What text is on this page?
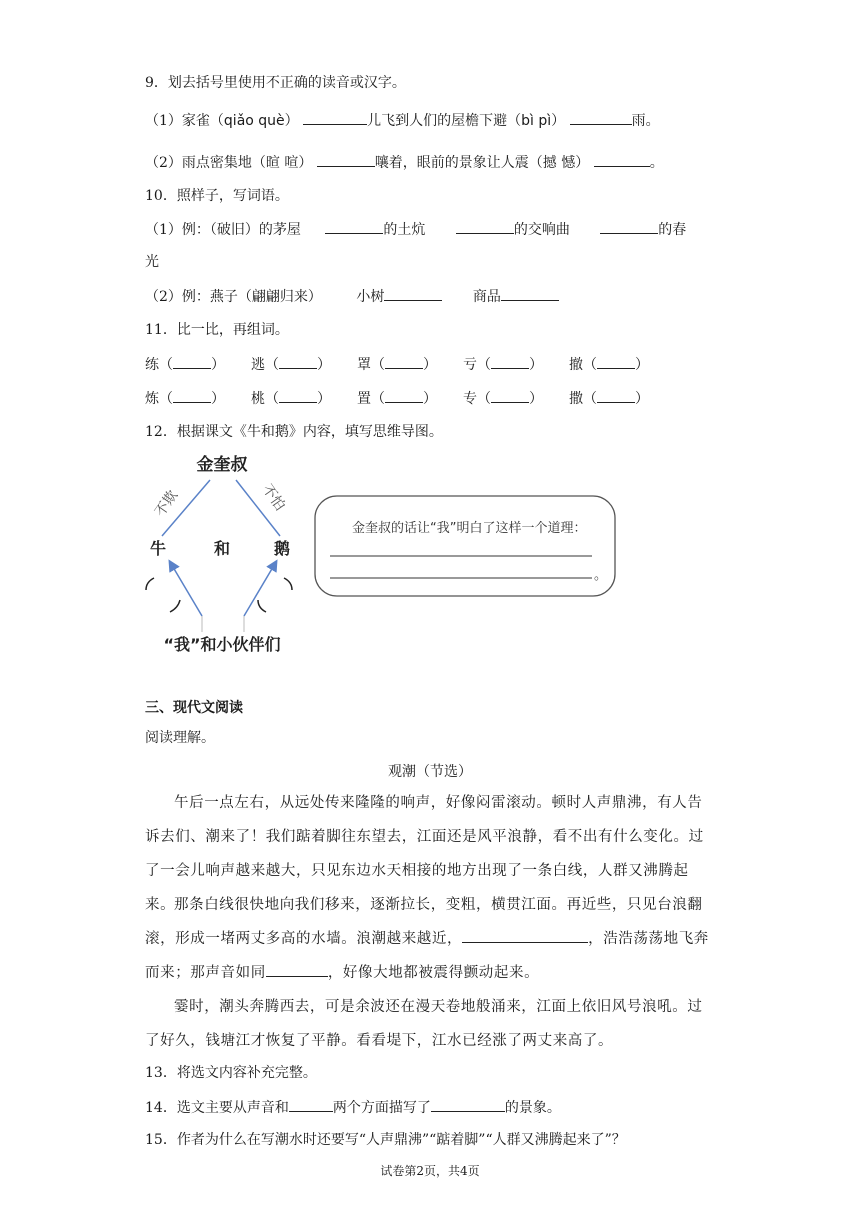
9．划去括号里使用不正确的读音或汉字。
（1）家雀（qiǎo què）	儿飞到人们的屋檐下避（bì pì）	雨。
（2）雨点密集地（暄 喧）	嚷着，眼前的景象让人震（撼 憾）	。
10．照样子，写词语。
（1）例：（破旧）的茅屋	的土炕	的交响曲	的春
光
（2）例：燕子（翩翩归来） 小树	商品
11．比一比，再组词。
练（	） 逃（	） 罩（	） 亏（	） 撤（	）
炼（	） 桃（	） 置（	） 专（	） 撒（	）
12．根据课文《牛和鹅》内容，填写思维导图。
金奎叔
不欺	不怕
牛	和	鹅
“我”和小伙伴们
金奎叔的话让“我”明白了这样一个道理：
。
三、现代文阅读
阅读理解。
观潮（节选）
午后一点左右，从远处传来隆隆的响声，好像闷雷滚动。顿时人声鼎沸，有人告诉去们、潮来了！我们踮着脚往东望去，江面还是风平浪静，看不出有什么变化。过了一会儿响声越来越大，只见东边水天相接的地方出现了一条白线，人群又沸腾起来。
那条白线很快地向我们移来，逐渐拉长，变粗，横贯江面。再近些，只见台浪翻滚，形成一堵两丈多高的水墙。浪潮越来越近，	，浩浩荡荡地飞奔而来；那声音如同	，好像大地都被震得颤动起来。
霎时，潮头奔腾西去，可是余波还在漫天卷地般涌来，江面上依旧风号浪吼。过了好久，钱塘江才恢复了平静。看看堤下，江水已经涨了两丈来高了。
13．将选文内容补充完整。
14．选文主要从声音和	两个方面描写了	的景象。
15．作者为什么在写潮水时还要写“人声鼎沸”“踮着脚”“人群又沸腾起来了”？
试卷第2页，共4页
